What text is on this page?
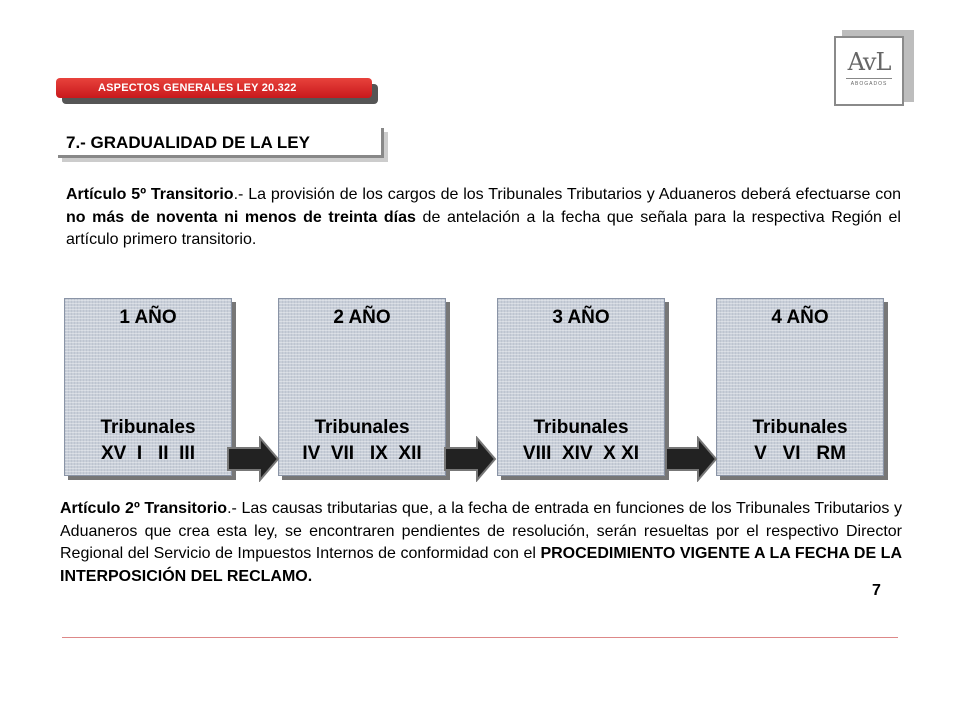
ASPECTOS GENERALES LEY 20.322
7.- GRADUALIDAD DE LA LEY
AvL
ABOGADOS
Artículo 5º Transitorio.- La provisión de los cargos de los Tribunales Tributarios y Aduaneros deberá efectuarse con no más de noventa ni menos de treinta días de antelación a la fecha que señala para la respectiva Región el artículo primero transitorio.
1 AÑO
Tribunales
XV  I   II  III
2 AÑO
Tribunales
IV  VII   IX  XII
3 AÑO
Tribunales
VIII  XIV  X XI
4 AÑO
Tribunales
V   VI   RM
Artículo 2º Transitorio.- Las causas tributarias que, a la fecha de entrada en funciones de los Tribunales Tributarios y Aduaneros que crea esta ley, se encontraren pendientes de resolución, serán resueltas por el respectivo Director Regional del Servicio de Impuestos Internos de conformidad con el PROCEDIMIENTO VIGENTE A LA FECHA DE LA INTERPOSICIÓN DEL RECLAMO.
7
